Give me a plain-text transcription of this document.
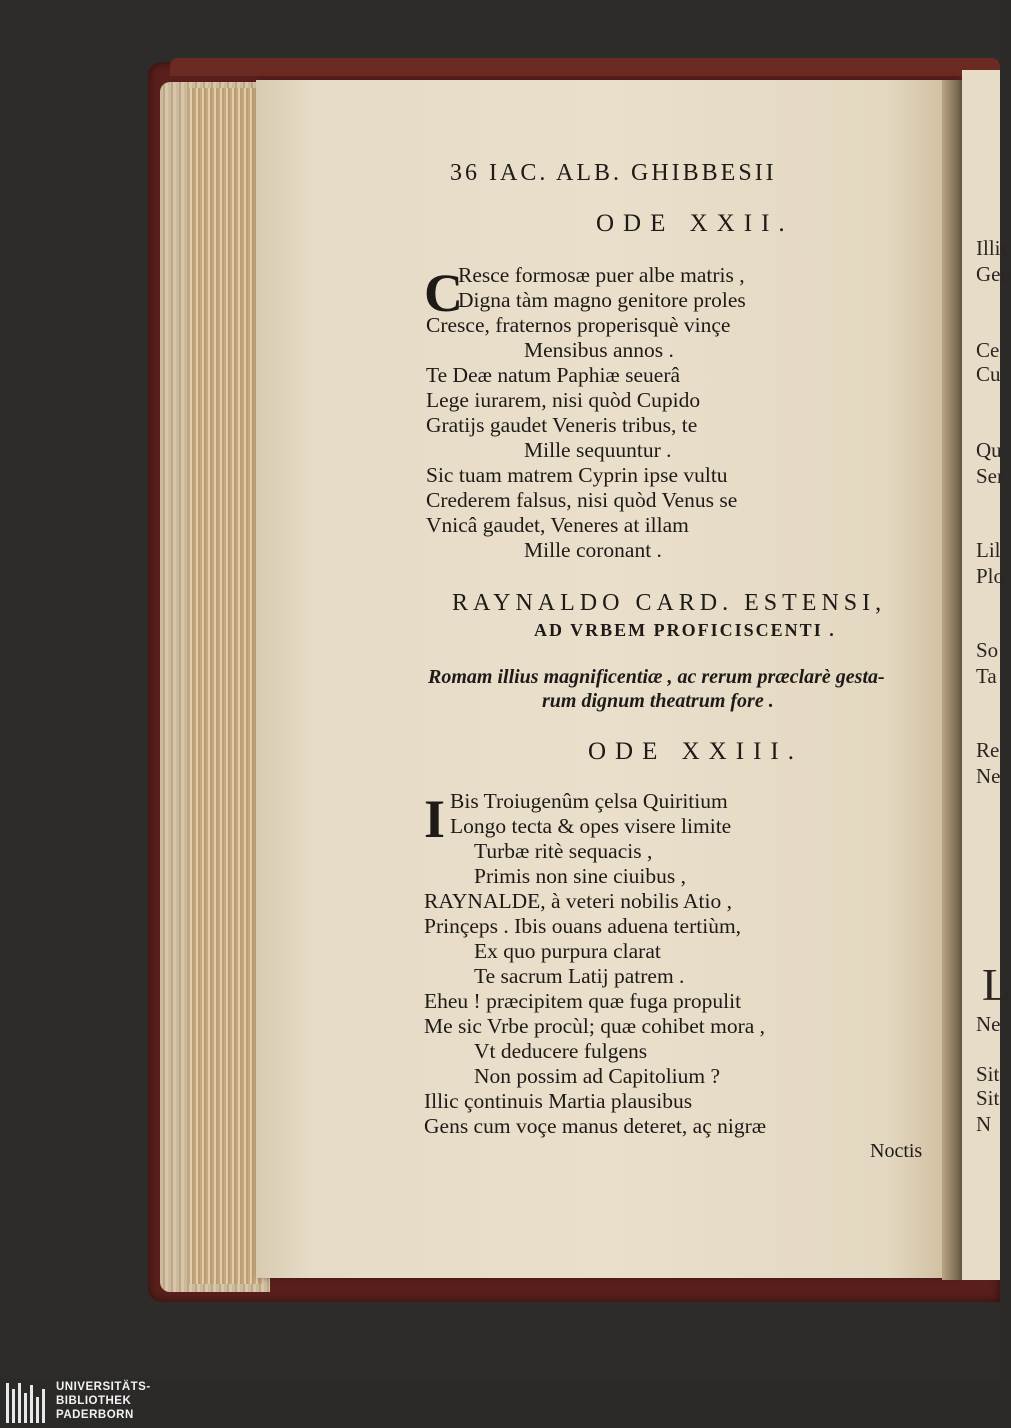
Illic
Gen
Ce
Cu
Qu
Ser
Lil
Plo
So
Ta
Re
Ne
L
Ne
Sit
Sit
N
36 IAC. ALB. GHIBBESII
ODE XXII.
C
Resce formosæ puer albe matris ,
Digna tàm magno genitore proles
Cresce, fraternos properisquè vinçe
Mensibus annos .
Te Deæ natum Paphiæ seuerâ
Lege iurarem, nisi quòd Cupido
Gratijs gaudet Veneris tribus, te
Mille sequuntur .
Sic tuam matrem Cyprin ipse vultu
Crederem falsus, nisi quòd Venus se
Vnicâ gaudet, Veneres at illam
Mille coronant .
RAYNALDO CARD. ESTENSI,
AD VRBEM PROFICISCENTI .
Romam illius magnificentiæ , ac rerum præclarè gesta-
rum dignum theatrum fore .
ODE XXIII.
I Bis Troiugenûm çelsa Quiritium
Longo tecta & opes visere limite
Turbæ ritè sequacis ,
Primis non sine ciuibus ,
RAYNALDE, à veteri nobilis Atio ,
Prinçeps . Ibis ouans aduena tertiùm,
Ex quo purpura clarat
Te sacrum Latij patrem .
Eheu ! præcipitem quæ fuga propulit
Me sic Vrbe procùl; quæ cohibet mora ,
Vt deducere fulgens
Non possim ad Capitolium ?
Illic çontinuis Martia plausibus
Gens cum voçe manus deteret, aç nigræ
Noctis
UNIVERSITÄTS-
BIBLIOTHEK
PADERBORN
